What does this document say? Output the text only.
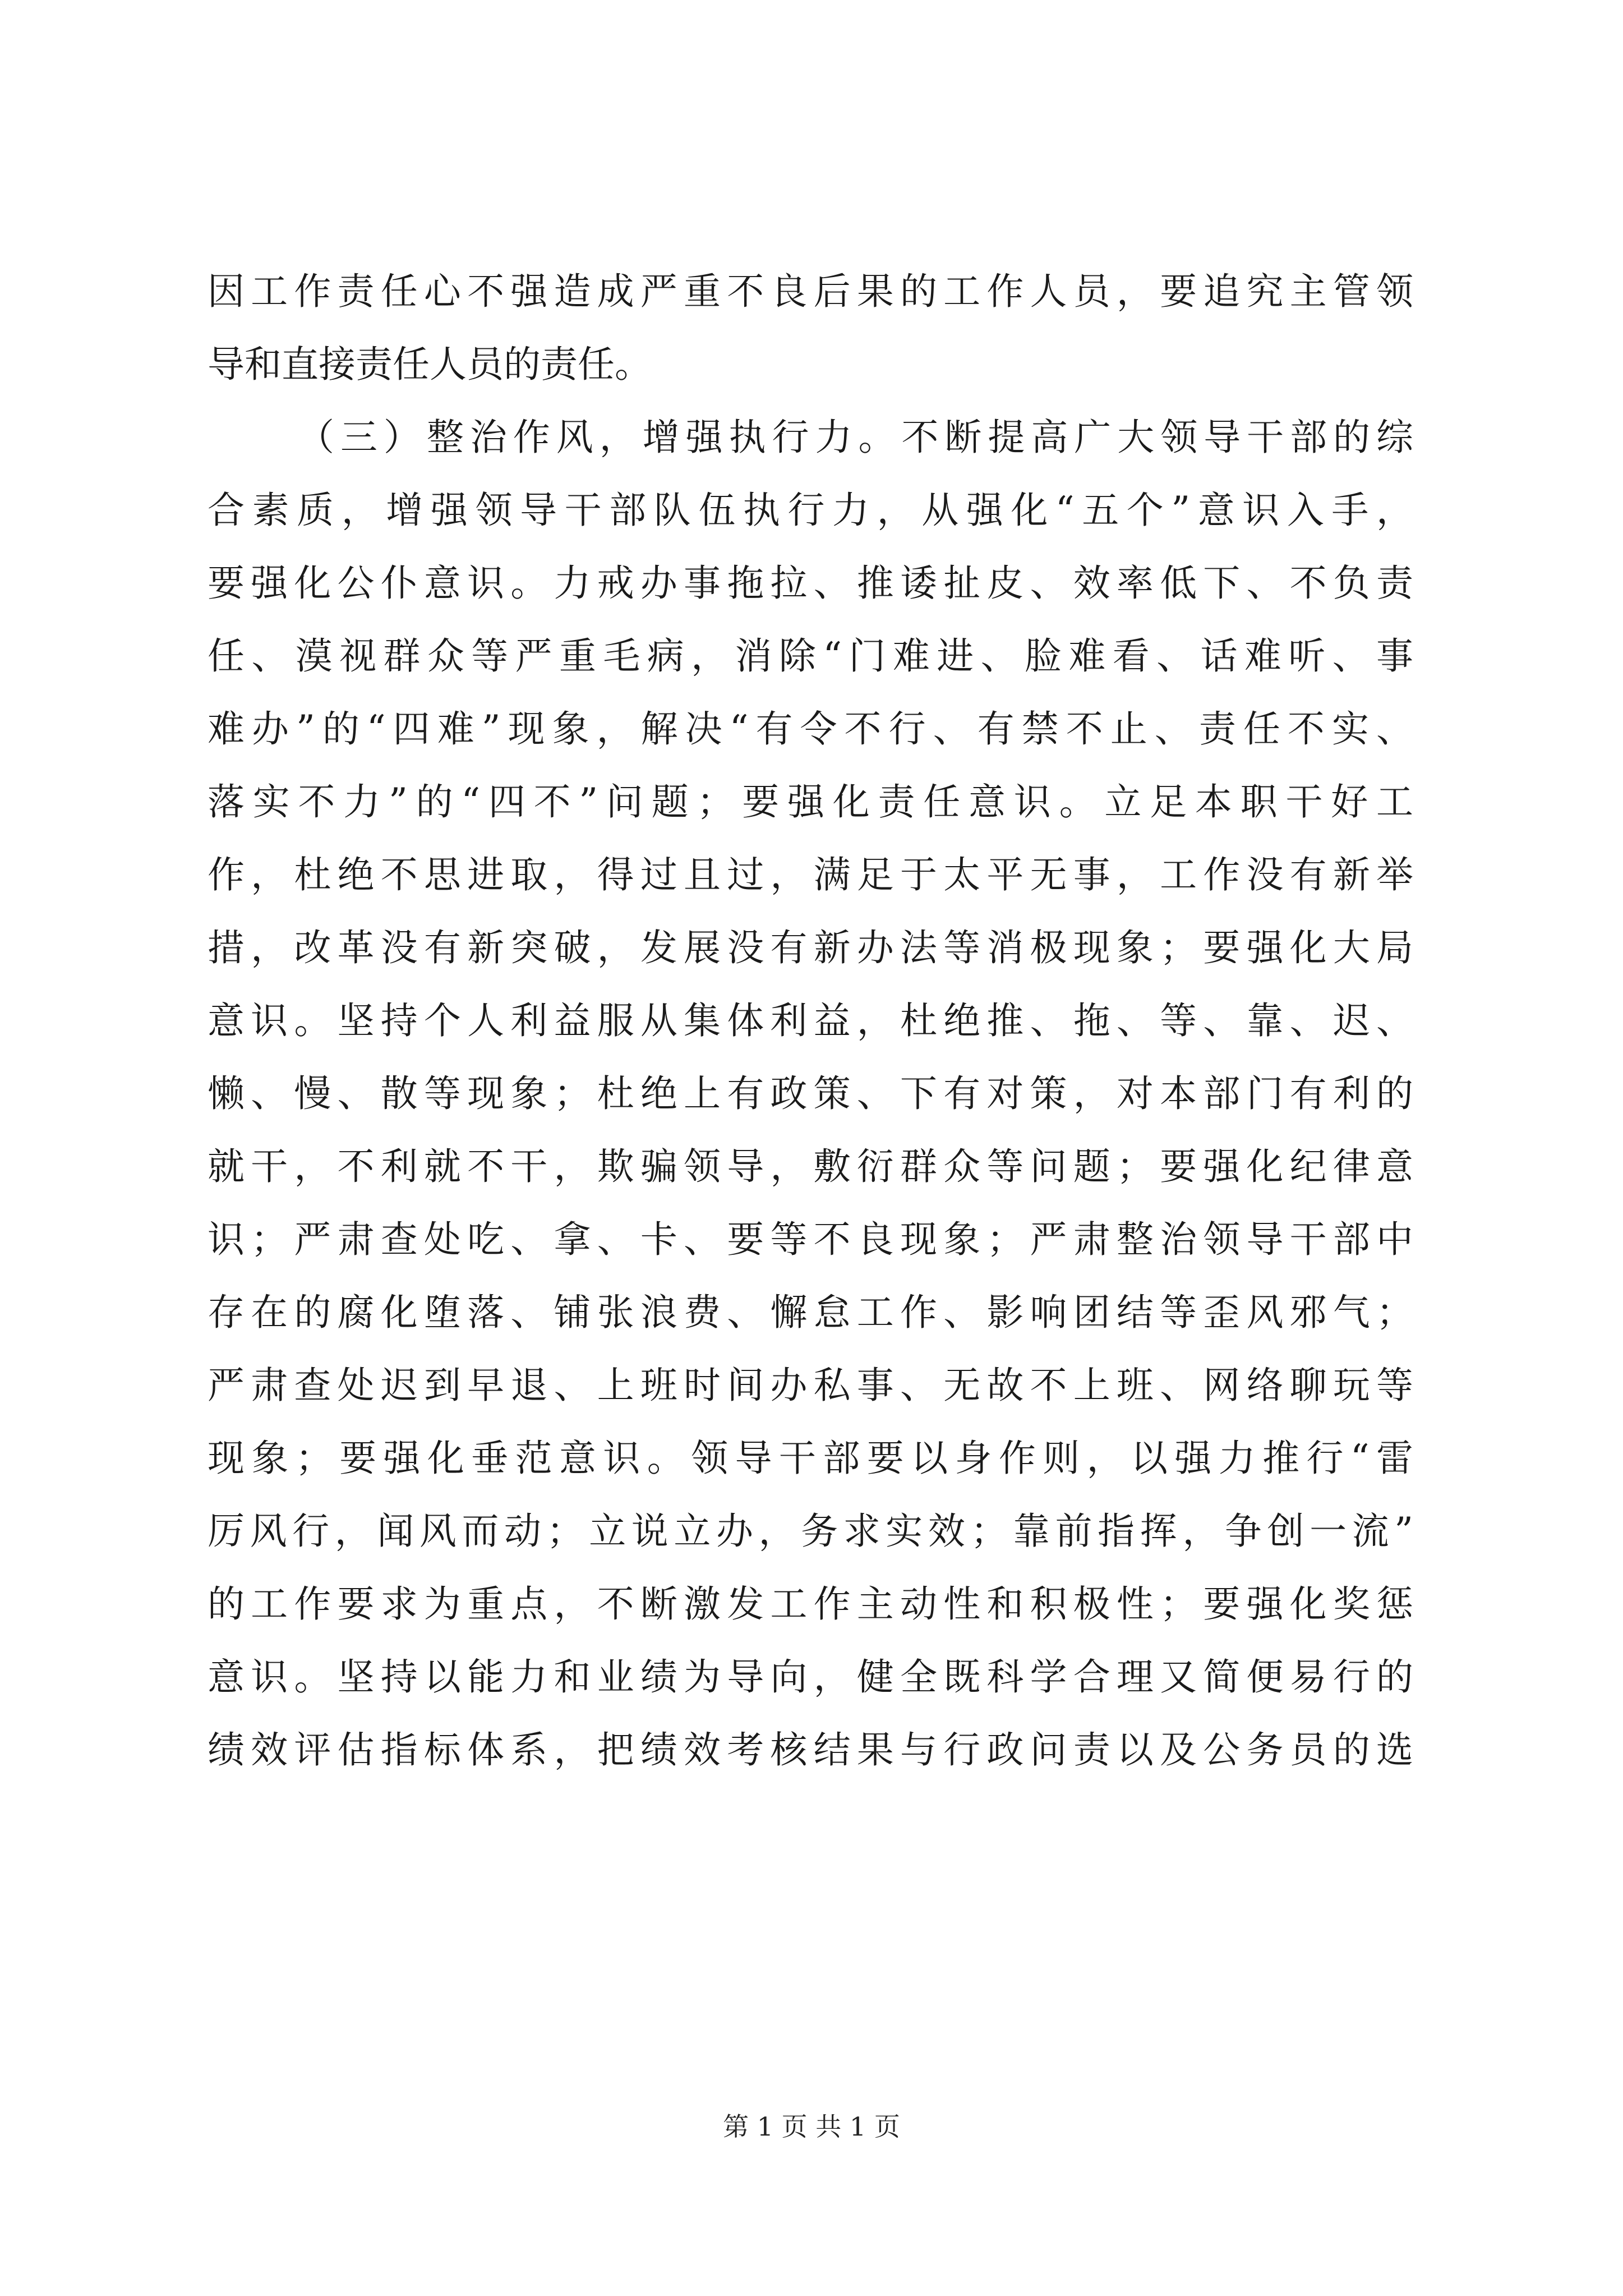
因工作责任心不强造成严重不良后果的工作人员，要追究主管领
导和直接责任人员的责任。
（三）整治作风，增强执行力。不断提高广大领导干部的综
合素质，增强领导干部队伍执行力，从强化“五个”意识入手，
要强化公仆意识。力戒办事拖拉、推诿扯皮、效率低下、不负责
任、漠视群众等严重毛病，消除“门难进、脸难看、话难听、事
难办”的“四难”现象，解决“有令不行、有禁不止、责任不实、
落实不力”的“四不”问题；要强化责任意识。立足本职干好工
作，杜绝不思进取，得过且过，满足于太平无事，工作没有新举
措，改革没有新突破，发展没有新办法等消极现象；要强化大局
意识。坚持个人利益服从集体利益，杜绝推、拖、等、靠、迟、
懒、慢、散等现象；杜绝上有政策、下有对策，对本部门有利的
就干，不利就不干，欺骗领导，敷衍群众等问题；要强化纪律意
识；严肃查处吃、拿、卡、要等不良现象；严肃整治领导干部中
存在的腐化堕落、铺张浪费、懈怠工作、影响团结等歪风邪气；
严肃查处迟到早退、上班时间办私事、无故不上班、网络聊玩等
现象；要强化垂范意识。领导干部要以身作则，以强力推行“雷
厉风行，闻风而动；立说立办，务求实效；靠前指挥，争创一流”
的工作要求为重点，不断激发工作主动性和积极性；要强化奖惩
意识。坚持以能力和业绩为导向，健全既科学合理又简便易行的
绩效评估指标体系，把绩效考核结果与行政问责以及公务员的选
第 1 页 共 1 页
